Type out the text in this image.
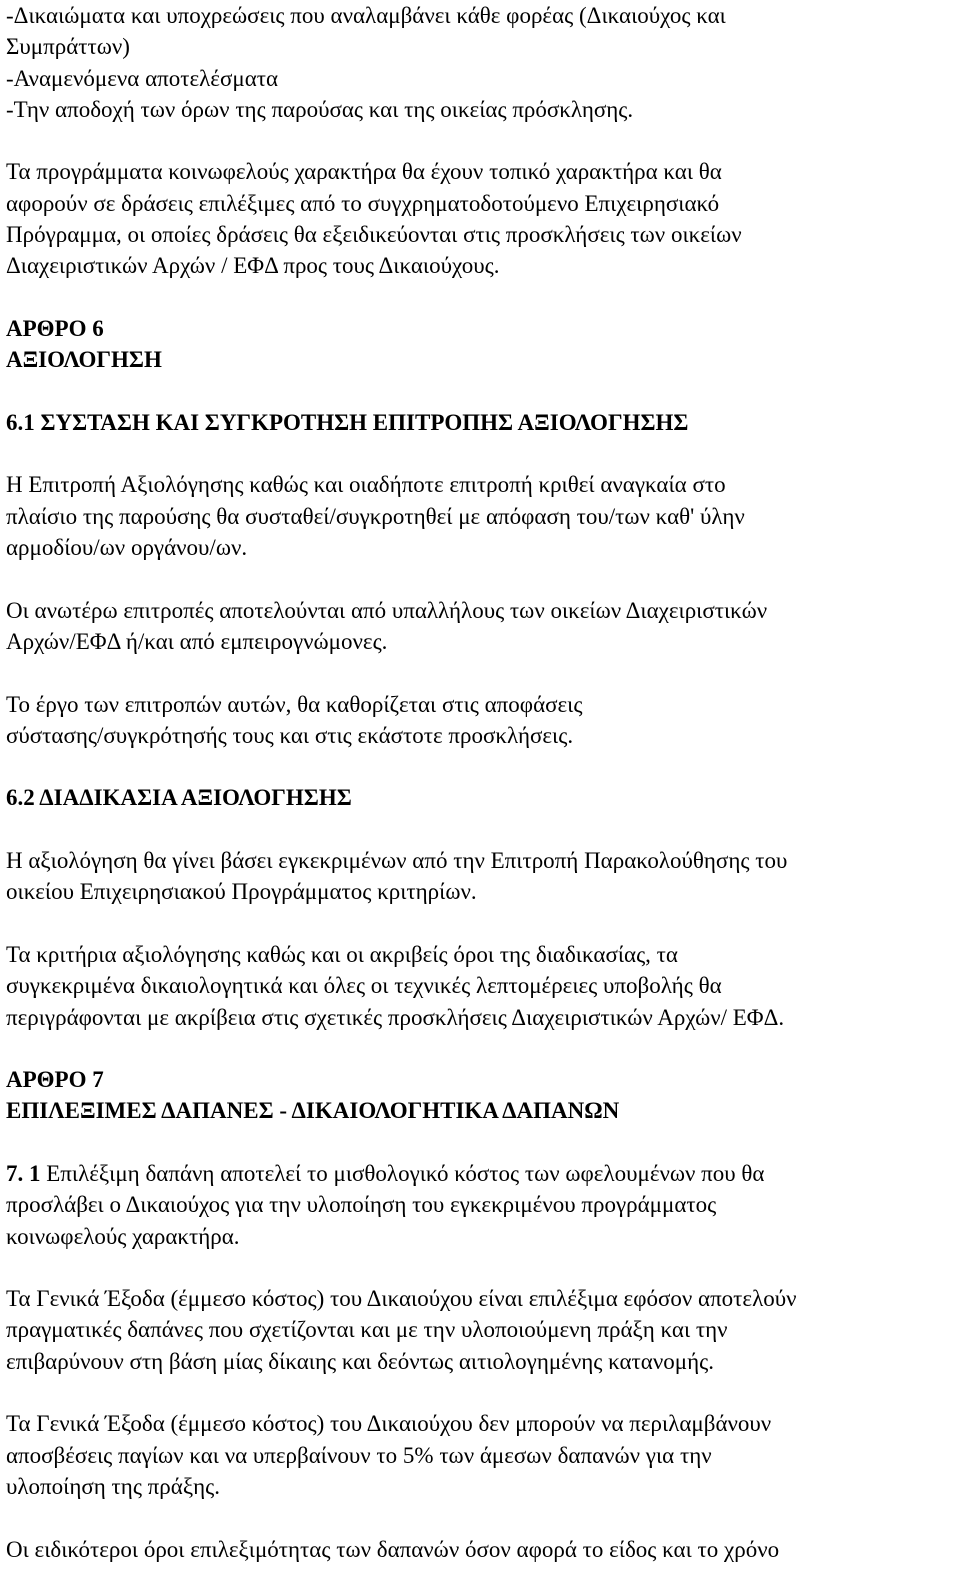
-Δικαιώματα και υποχρεώσεις που αναλαμβάνει κάθε φορέας (Δικαιούχος και
Συμπράττων)
-Αναμενόμενα αποτελέσματα
-Την αποδοχή των όρων της παρούσας και της οικείας πρόσκλησης.

Τα προγράμματα κοινωφελούς χαρακτήρα θα έχουν τοπικό χαρακτήρα και θα
αφορούν σε δράσεις επιλέξιμες από το συγχρηματοδοτούμενο Επιχειρησιακό
Πρόγραμμα, οι οποίες δράσεις θα εξειδικεύονται στις προσκλήσεις των οικείων
Διαχειριστικών Αρχών / ΕΦΔ προς τους Δικαιούχους.

ΑΡΘΡΟ 6
ΑΞΙΟΛΟΓΗΣΗ
6.1 ΣΥΣΤΑΣΗ ΚΑΙ ΣΥΓΚΡΟΤΗΣΗ ΕΠΙΤΡΟΠΗΣ ΑΞΙΟΛΟΓΗΣΗΣ

Η Επιτροπή Αξιολόγησης καθώς και οιαδήποτε επιτροπή κριθεί αναγκαία στο
πλαίσιο της παρούσης θα συσταθεί/συγκροτηθεί με απόφαση του/των καθ' ύλην
αρμοδίου/ων οργάνου/ων.

Οι ανωτέρω επιτροπές αποτελούνται από υπαλλήλους των οικείων Διαχειριστικών
Αρχών/ΕΦΔ ή/και από εμπειρογνώμονες.

Το έργο των επιτροπών αυτών, θα καθορίζεται στις αποφάσεις
σύστασης/συγκρότησής τους και στις εκάστοτε προσκλήσεις.

6.2 ΔΙΑΔΙΚΑΣΙΑ ΑΞΙΟΛΟΓΗΣΗΣ

Η αξιολόγηση θα γίνει βάσει εγκεκριμένων από την Επιτροπή Παρακολούθησης του
οικείου Επιχειρησιακού Προγράμματος κριτηρίων.

Τα κριτήρια αξιολόγησης καθώς και οι ακριβείς όροι της διαδικασίας, τα
συγκεκριμένα δικαιολογητικά και όλες οι τεχνικές λεπτομέρειες υποβολής θα
περιγράφονται με ακρίβεια στις σχετικές προσκλήσεις Διαχειριστικών Αρχών/ ΕΦΔ.

ΑΡΘΡΟ 7
ΕΠΙΛΕΞΙΜΕΣ ΔΑΠΑΝΕΣ - ΔΙΚΑΙΟΛΟΓΗΤΙΚΑ ΔΑΠΑΝΩΝ

7. 1 Επιλέξιμη δαπάνη αποτελεί το μισθολογικό κόστος των ωφελουμένων που θα
προσλάβει ο Δικαιούχος για την υλοποίηση του εγκεκριμένου προγράμματος
κοινωφελούς χαρακτήρα.

Τα Γενικά Έξοδα (έμμεσο κόστος) του Δικαιούχου είναι επιλέξιμα εφόσον αποτελούν
πραγματικές δαπάνες που σχετίζονται και με την υλοποιούμενη πράξη και την
επιβαρύνουν στη βάση μίας δίκαιης και δεόντως αιτιολογημένης κατανομής.

Τα Γενικά Έξοδα (έμμεσο κόστος) του Δικαιούχου δεν μπορούν να περιλαμβάνουν
αποσβέσεις παγίων και να υπερβαίνουν το 5% των άμεσων δαπανών για την
υλοποίηση της πράξης.

Οι ειδικότεροι όροι επιλεξιμότητας των δαπανών όσον αφορά το είδος και το χρόνο
